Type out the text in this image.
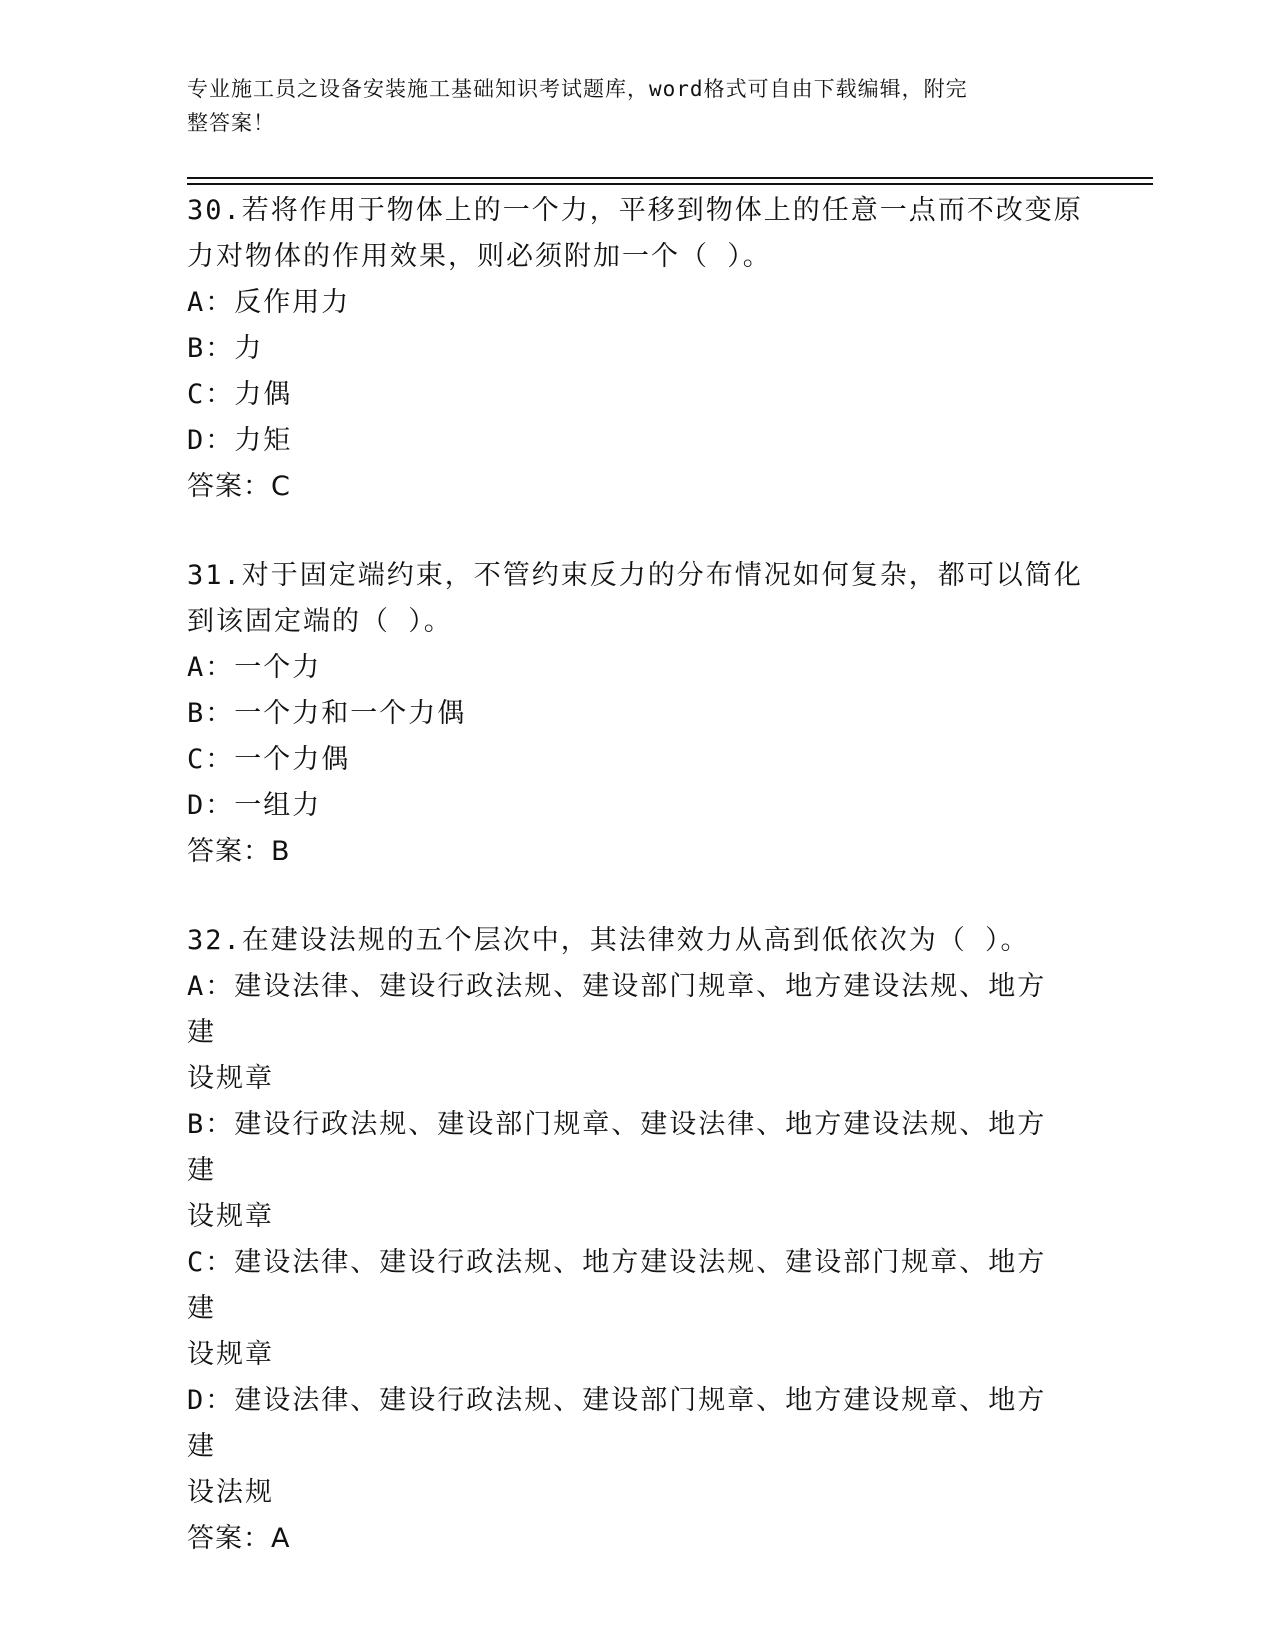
专业施工员之设备安装施工基础知识考试题库，word格式可自由下载编辑，附完
整答案！
30.若将作用于物体上的一个力，平移到物体上的任意一点而不改变原
力对物体的作用效果，则必须附加一个（ ）。
A：反作用力
B：力
C：力偶
D：力矩
答案：C
31.对于固定端约束，不管约束反力的分布情况如何复杂，都可以简化
到该固定端的（ ）。
A：一个力
B：一个力和一个力偶
C：一个力偶
D：一组力
答案：B
32.在建设法规的五个层次中，其法律效力从高到低依次为（ ）。
A：建设法律、建设行政法规、建设部门规章、地方建设法规、地方建
设规章
B：建设行政法规、建设部门规章、建设法律、地方建设法规、地方建
设规章
C：建设法律、建设行政法规、地方建设法规、建设部门规章、地方建
设规章
D：建设法律、建设行政法规、建设部门规章、地方建设规章、地方建
设法规
答案：A
